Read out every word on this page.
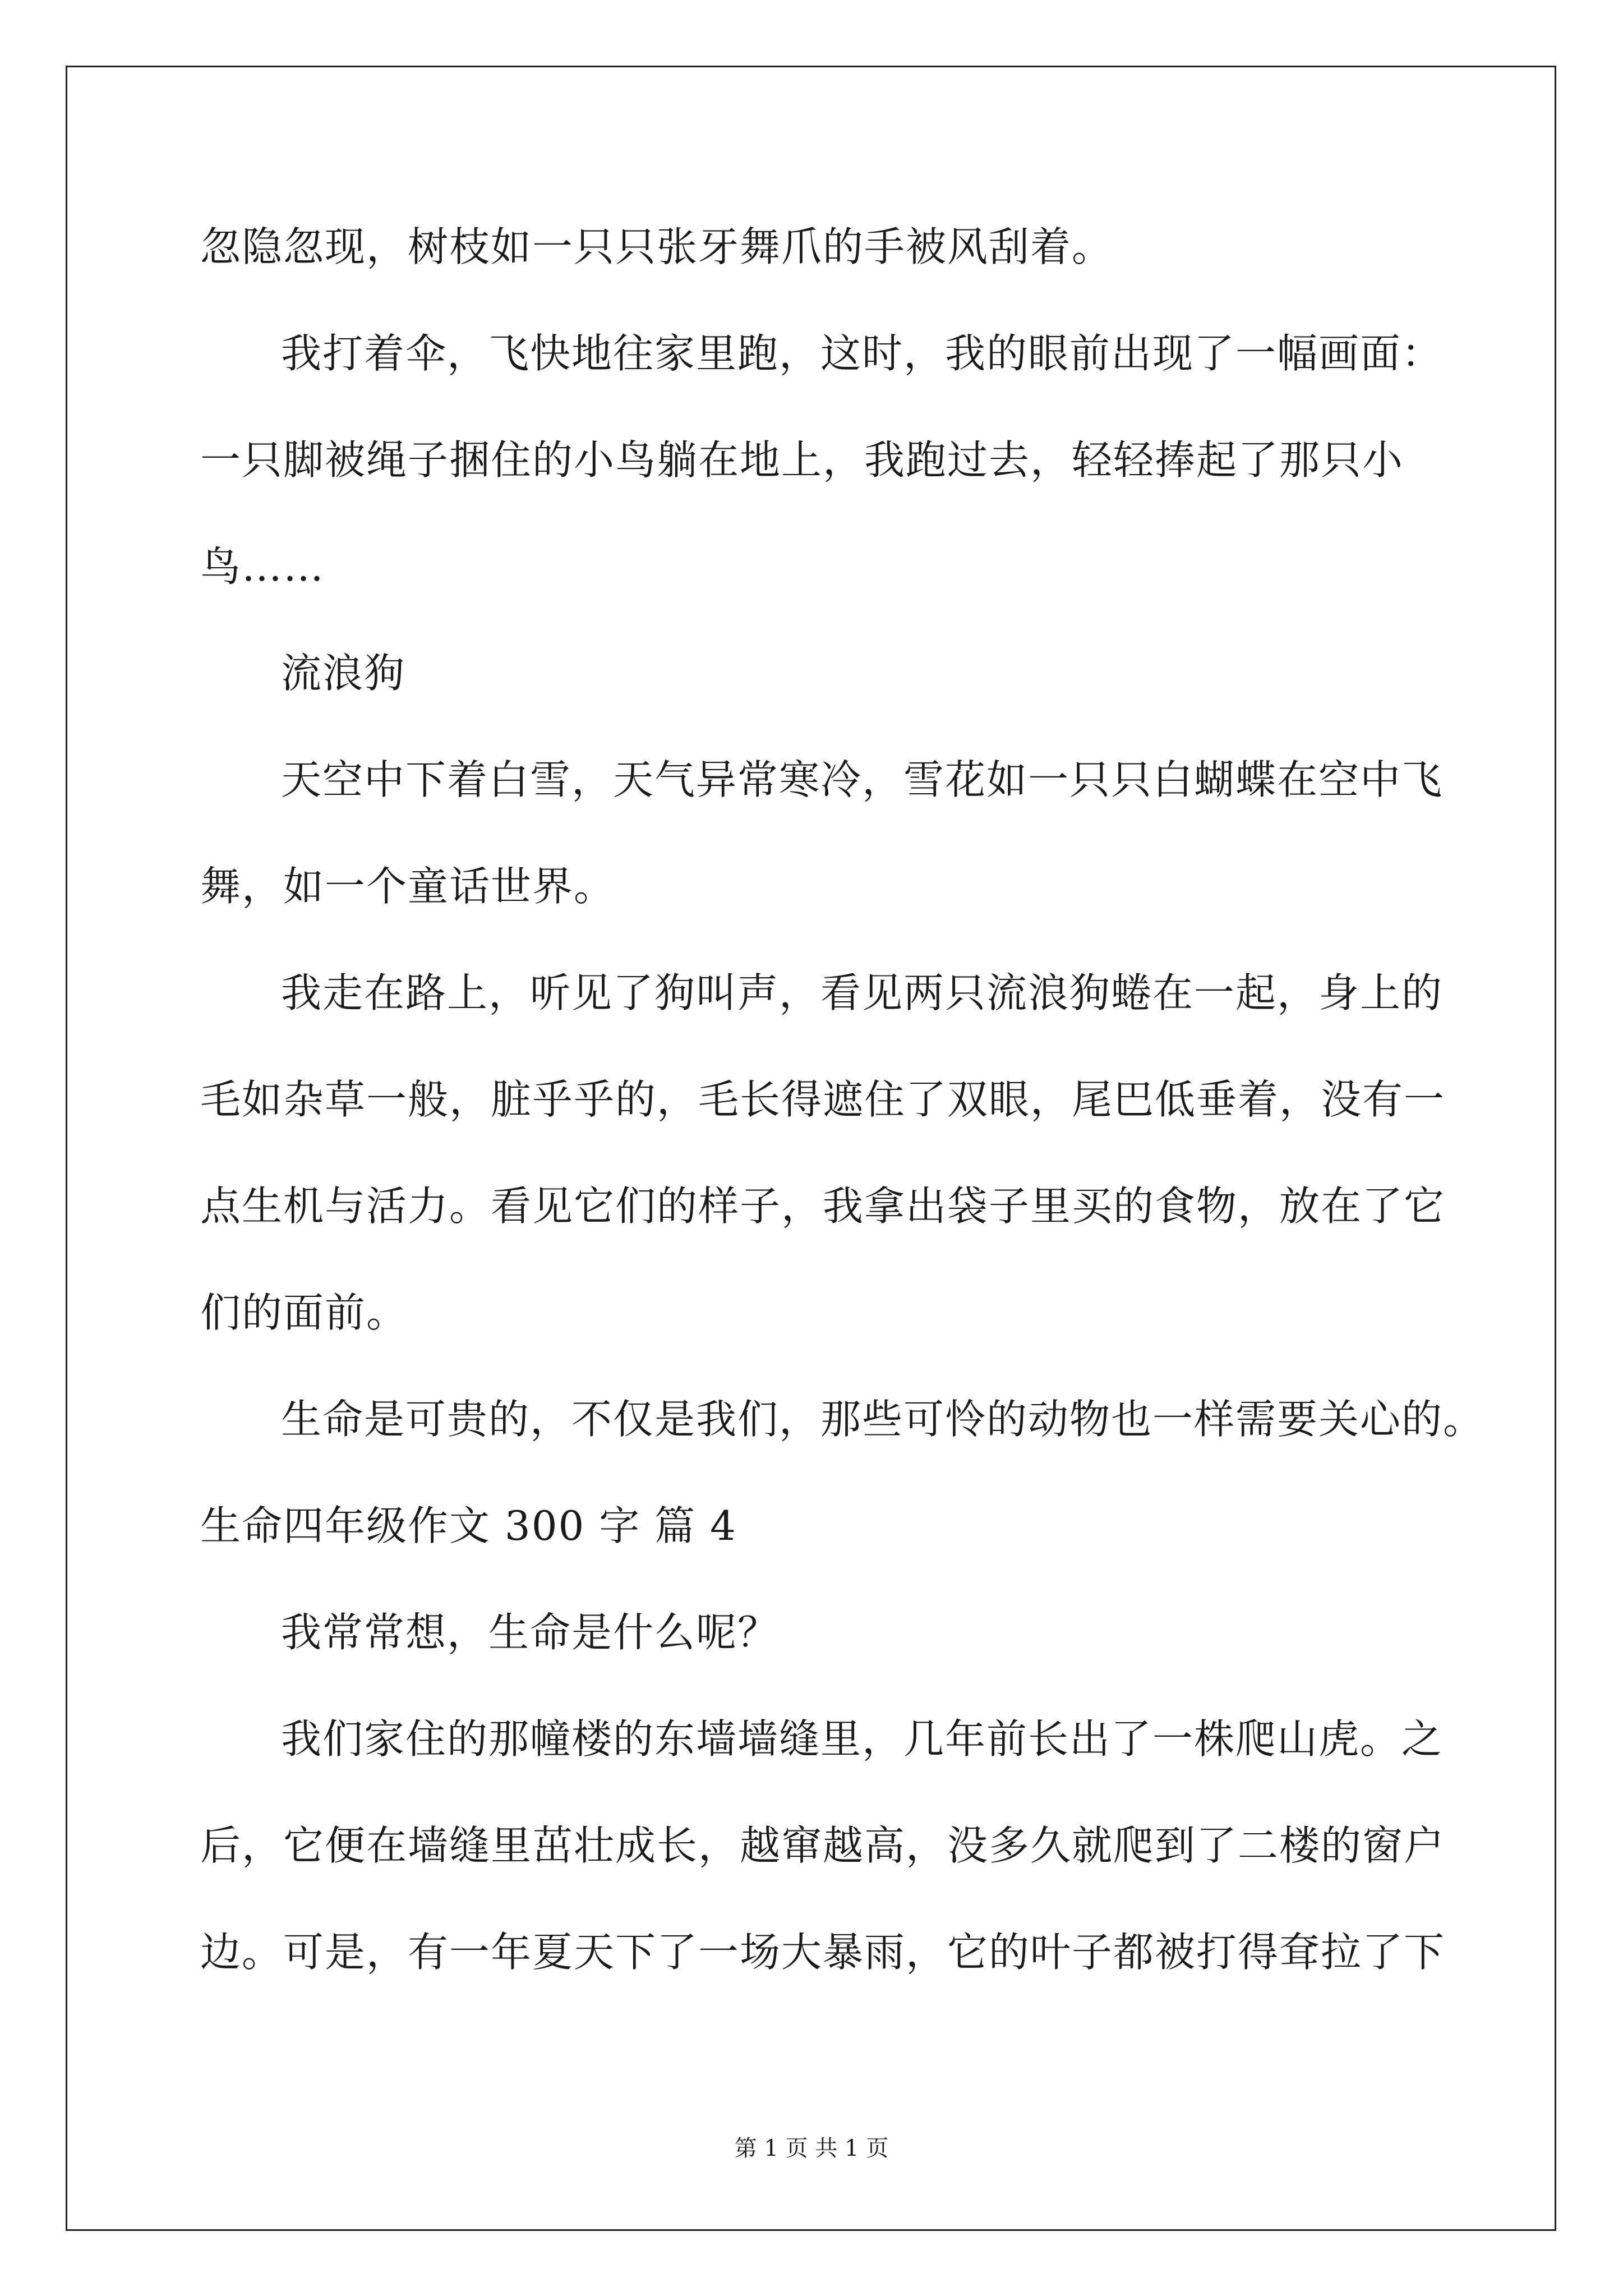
忽隐忽现，树枝如一只只张牙舞爪的手被风刮着。
我打着伞，飞快地往家里跑，这时，我的眼前出现了一幅画面：
一只脚被绳子捆住的小鸟躺在地上，我跑过去，轻轻捧起了那只小
鸟……
流浪狗
天空中下着白雪，天气异常寒冷，雪花如一只只白蝴蝶在空中飞
舞，如一个童话世界。
我走在路上，听见了狗叫声，看见两只流浪狗蜷在一起，身上的
毛如杂草一般，脏乎乎的，毛长得遮住了双眼，尾巴低垂着，没有一
点生机与活力。看见它们的样子，我拿出袋子里买的食物，放在了它
们的面前。
生命是可贵的，不仅是我们，那些可怜的动物也一样需要关心的。
生命四年级作文 300 字 篇 4
我常常想，生命是什么呢？
我们家住的那幢楼的东墙墙缝里，几年前长出了一株爬山虎。之
后，它便在墙缝里茁壮成长，越窜越高，没多久就爬到了二楼的窗户
边。可是，有一年夏天下了一场大暴雨，它的叶子都被打得耷拉了下
第 1 页 共 1 页
